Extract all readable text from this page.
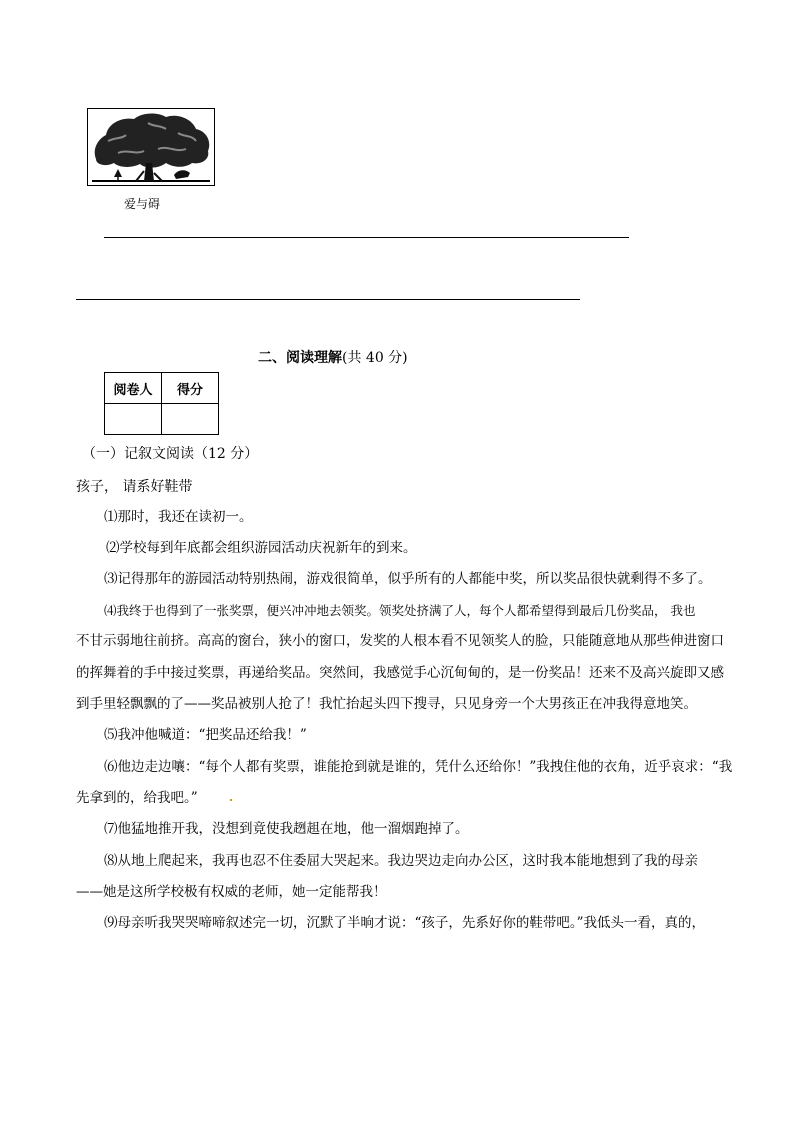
爱与碍
二、阅读理解(共 40 分)
阅卷人	得分

（一）记叙文阅读（12 分）
孩子， 请系好鞋带
⑴那时，我还在读初一。
⑵学校每到年底都会组织游园活动庆祝新年的到来。
⑶记得那年的游园活动特别热闹，游戏很简单，似乎所有的人都能中奖，所以奖品很快就剩得不多了。
⑷我终于也得到了一张奖票，便兴冲冲地去领奖。领奖处挤满了人，每个人都希望得到最后几份奖品， 我也
不甘示弱地往前挤。高高的窗台，狭小的窗口，发奖的人根本看不见领奖人的脸，只能随意地从那些伸进窗口
的挥舞着的手中接过奖票，再递给奖品。突然间，我感觉手心沉甸甸的，是一份奖品！还来不及高兴旋即又感
到手里轻飘飘的了——奖品被别人抢了！我忙抬起头四下搜寻，只见身旁一个大男孩正在冲我得意地笑。
⑸我冲他喊道：“把奖品还给我！”
⑹他边走边嚷：“每个人都有奖票，谁能抢到就是谁的，凭什么还给你！”我拽住他的衣角，近乎哀求：“我
先拿到的，给我吧。”
⑺他猛地推开我，没想到竟使我趔趄在地，他一溜烟跑掉了。
⑻从地上爬起来，我再也忍不住委屈大哭起来。我边哭边走向办公区，这时我本能地想到了我的母亲
——她是这所学校极有权威的老师，她一定能帮我！
⑼母亲听我哭哭啼啼叙述完一切，沉默了半晌才说：“孩子，先系好你的鞋带吧。”我低头一看，真的，
